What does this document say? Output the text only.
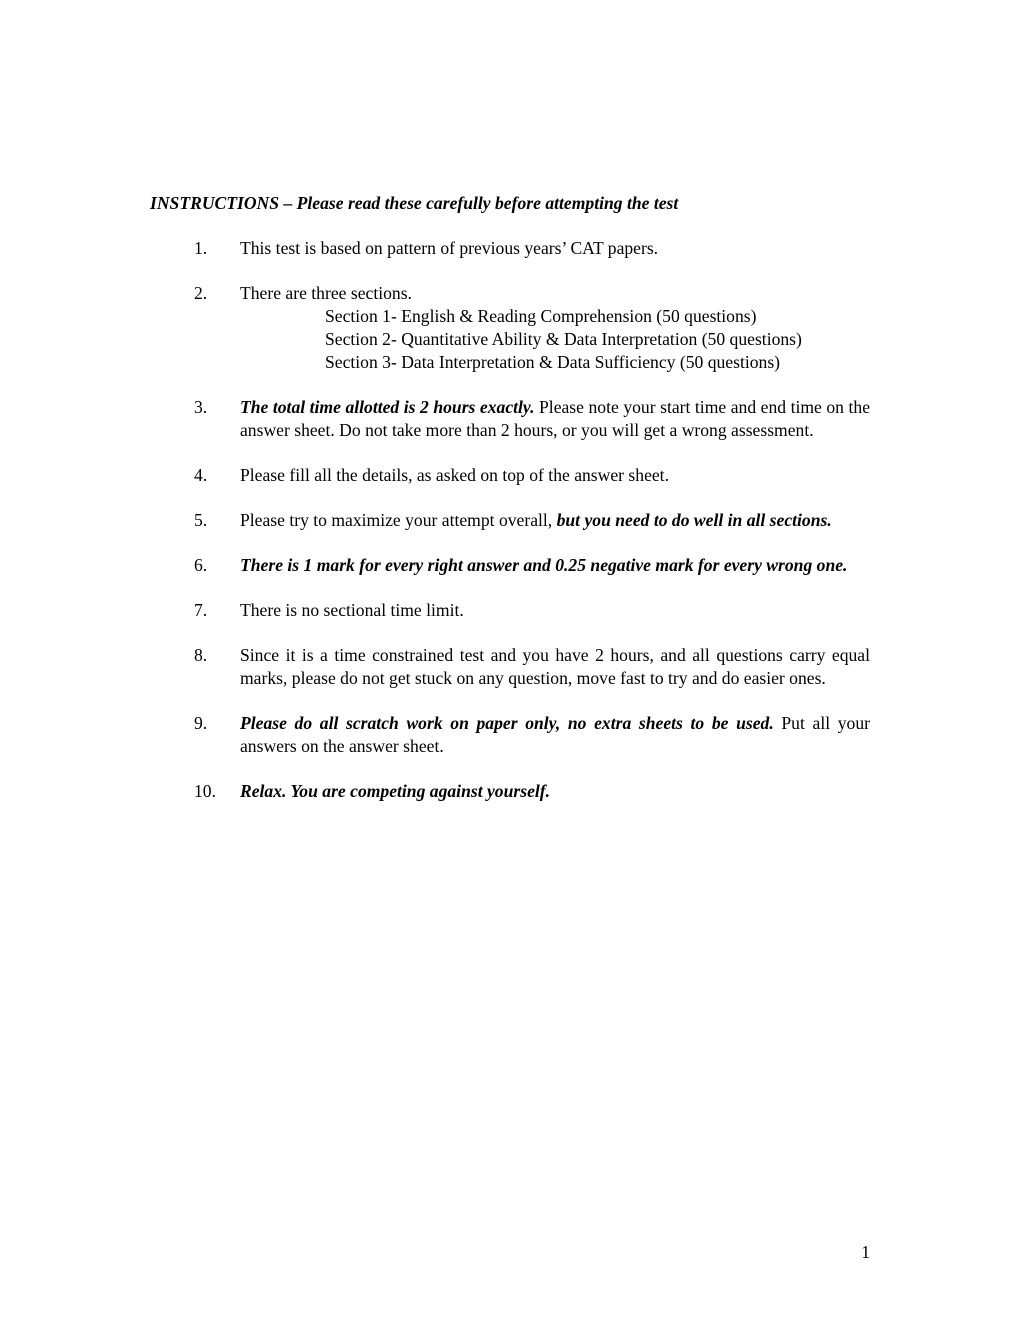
INSTRUCTIONS – Please read these carefully before attempting the test
1.	This test is based on pattern of previous years’ CAT papers.
2.	There are three sections.
Section 1- English & Reading Comprehension (50 questions)
Section 2- Quantitative Ability & Data Interpretation (50 questions)
Section 3- Data Interpretation & Data Sufficiency (50 questions)
3.	The total time allotted is 2 hours exactly. Please note your start time and end time on the answer sheet. Do not take more than 2 hours, or you will get a wrong assessment.
4.	Please fill all the details, as asked on top of the answer sheet.
5.	Please try to maximize your attempt overall, but you need to do well in all sections.
6.	There is 1 mark for every right answer and 0.25 negative mark for every wrong one.
7.	There is no sectional time limit.
8.	Since it is a time constrained test and you have 2 hours, and all questions carry equal marks, please do not get stuck on any question, move fast to try and do easier ones.
9.	Please do all scratch work on paper only, no extra sheets to be used. Put all your answers on the answer sheet.
10.	Relax. You are competing against yourself.
1
